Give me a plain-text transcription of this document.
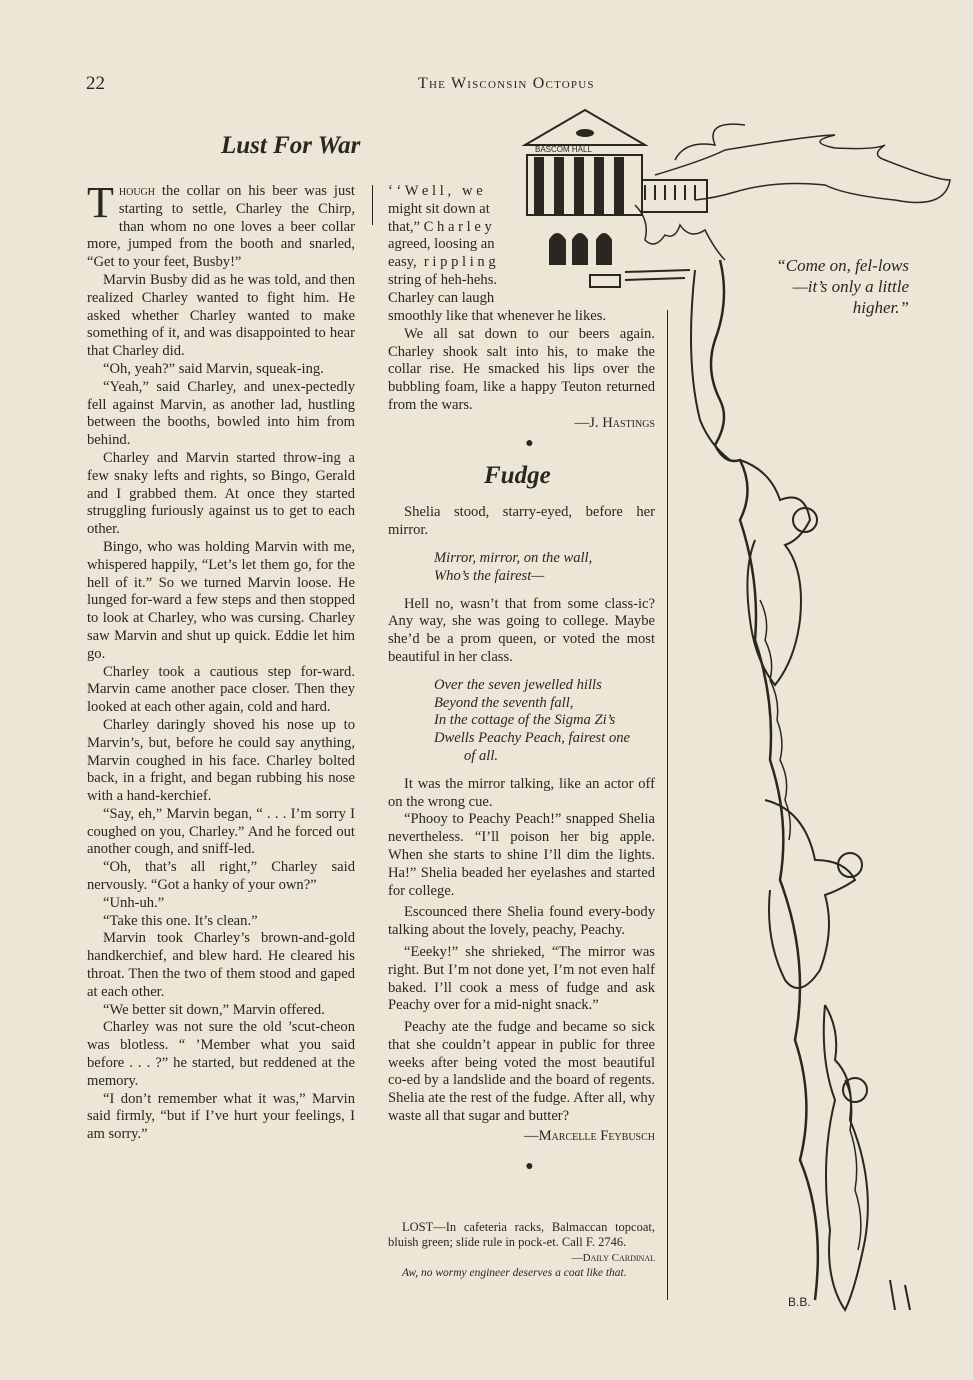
22	The Wisconsin Octopus
Lust For War

Though the collar on his beer was just starting to settle, Charley the Chirp, than whom no one loves a beer collar more, jumped from the booth and snarled, “Get to your feet, Busby!”

Marvin Busby did as he was told, and then realized Charley wanted to fight him. He asked whether Charley wanted to make something of it, and was disappointed to hear that Charley did.

“Oh, yeah?” said Marvin, squeak-ing.

“Yeah,” said Charley, and unex-pectedly fell against Marvin, as another lad, hustling between the booths, bowled into him from behind.

Charley and Marvin started throw-ing a few snaky lefts and rights, so Bingo, Gerald and I grabbed them. At once they started struggling furiously against us to get to each other.

Bingo, who was holding Marvin with me, whispered happily, “Let’s let them go, for the hell of it.” So we turned Marvin loose. He lunged for-ward a few steps and then stopped to look at Charley, who was cursing. Charley saw Marvin and shut up quick. Eddie let him go.

Charley took a cautious step for-ward. Marvin came another pace closer. Then they looked at each other again, cold and hard.

Charley daringly shoved his nose up to Marvin’s, but, before he could say anything, Marvin coughed in his face. Charley bolted back, in a fright, and began rubbing his nose with a hand-kerchief.

“Say, eh,” Marvin began, “ . . . I’m sorry I coughed on you, Charley.” And he forced out another cough, and sniff-led.

“Oh, that’s all right,” Charley said nervously. “Got a hanky of your own?”

“Unh-uh.”

“Take this one. It’s clean.”

Marvin took Charley’s brown-and-gold handkerchief, and blew hard. He cleared his throat. Then the two of them stood and gaped at each other.

“We better sit down,” Marvin offered.

Charley was not sure the old ’scut-cheon was blotless. “ ’Member what you said before . . . ?” he started, but reddened at the memory.

“I don’t remember what it was,” Marvin said firmly, “but if I’ve hurt your feelings, I am sorry.”

‘ ‘ W e l l ,   w e
might sit down at
that,” C h a r l e y
agreed, loosing an
easy,  r i p p l i n g
string of heh-hehs.
Charley can laugh

smoothly like that whenever he likes.

We all sat down to our beers again. Charley shook salt into his, to make the collar rise. He smacked his lips over the bubbling foam, like a happy Teuton returned from the wars.

—J. Hastings

●

Fudge

Shelia stood, starry-eyed, before her mirror.

Mirror, mirror, on the wall,
Who’s the fairest—

Hell no, wasn’t that from some class-ic? Any way, she was going to college. Maybe she’d be a prom queen, or voted the most beautiful in her class.

Over the seven jewelled hills
Beyond the seventh fall,
In the cottage of the Sigma Zi’s
Dwells Peachy Peach, fairest one
of all.

It was the mirror talking, like an actor off on the wrong cue.

“Phooy to Peachy Peach!” snapped Shelia nevertheless. “I’ll poison her big apple. When she starts to shine I’ll dim the lights. Ha!” Shelia beaded her eyelashes and started for college.

Escounced there Shelia found every-body talking about the lovely, peachy, Peachy.

“Eeeky!” she shrieked, “The mirror was right. But I’m not done yet, I’m not even half baked. I’ll cook a mess of fudge and ask Peachy over for a mid-night snack.”

Peachy ate the fudge and became so sick that she couldn’t appear in public for three weeks after being voted the most beautiful co-ed by a landslide and the board of regents. Shelia ate the rest of the fudge. After all, why waste all that sugar and butter?

—Marcelle Feybusch

●

LOST—In cafeteria racks, Balmaccan topcoat, bluish green; slide rule in pock-et. Call F. 2746.

—Daily Cardinal

Aw, no wormy engineer deserves a coat like that.

BASCOM HALL
“Come on, fel-lows—it’s only a little higher.”
B.B.
